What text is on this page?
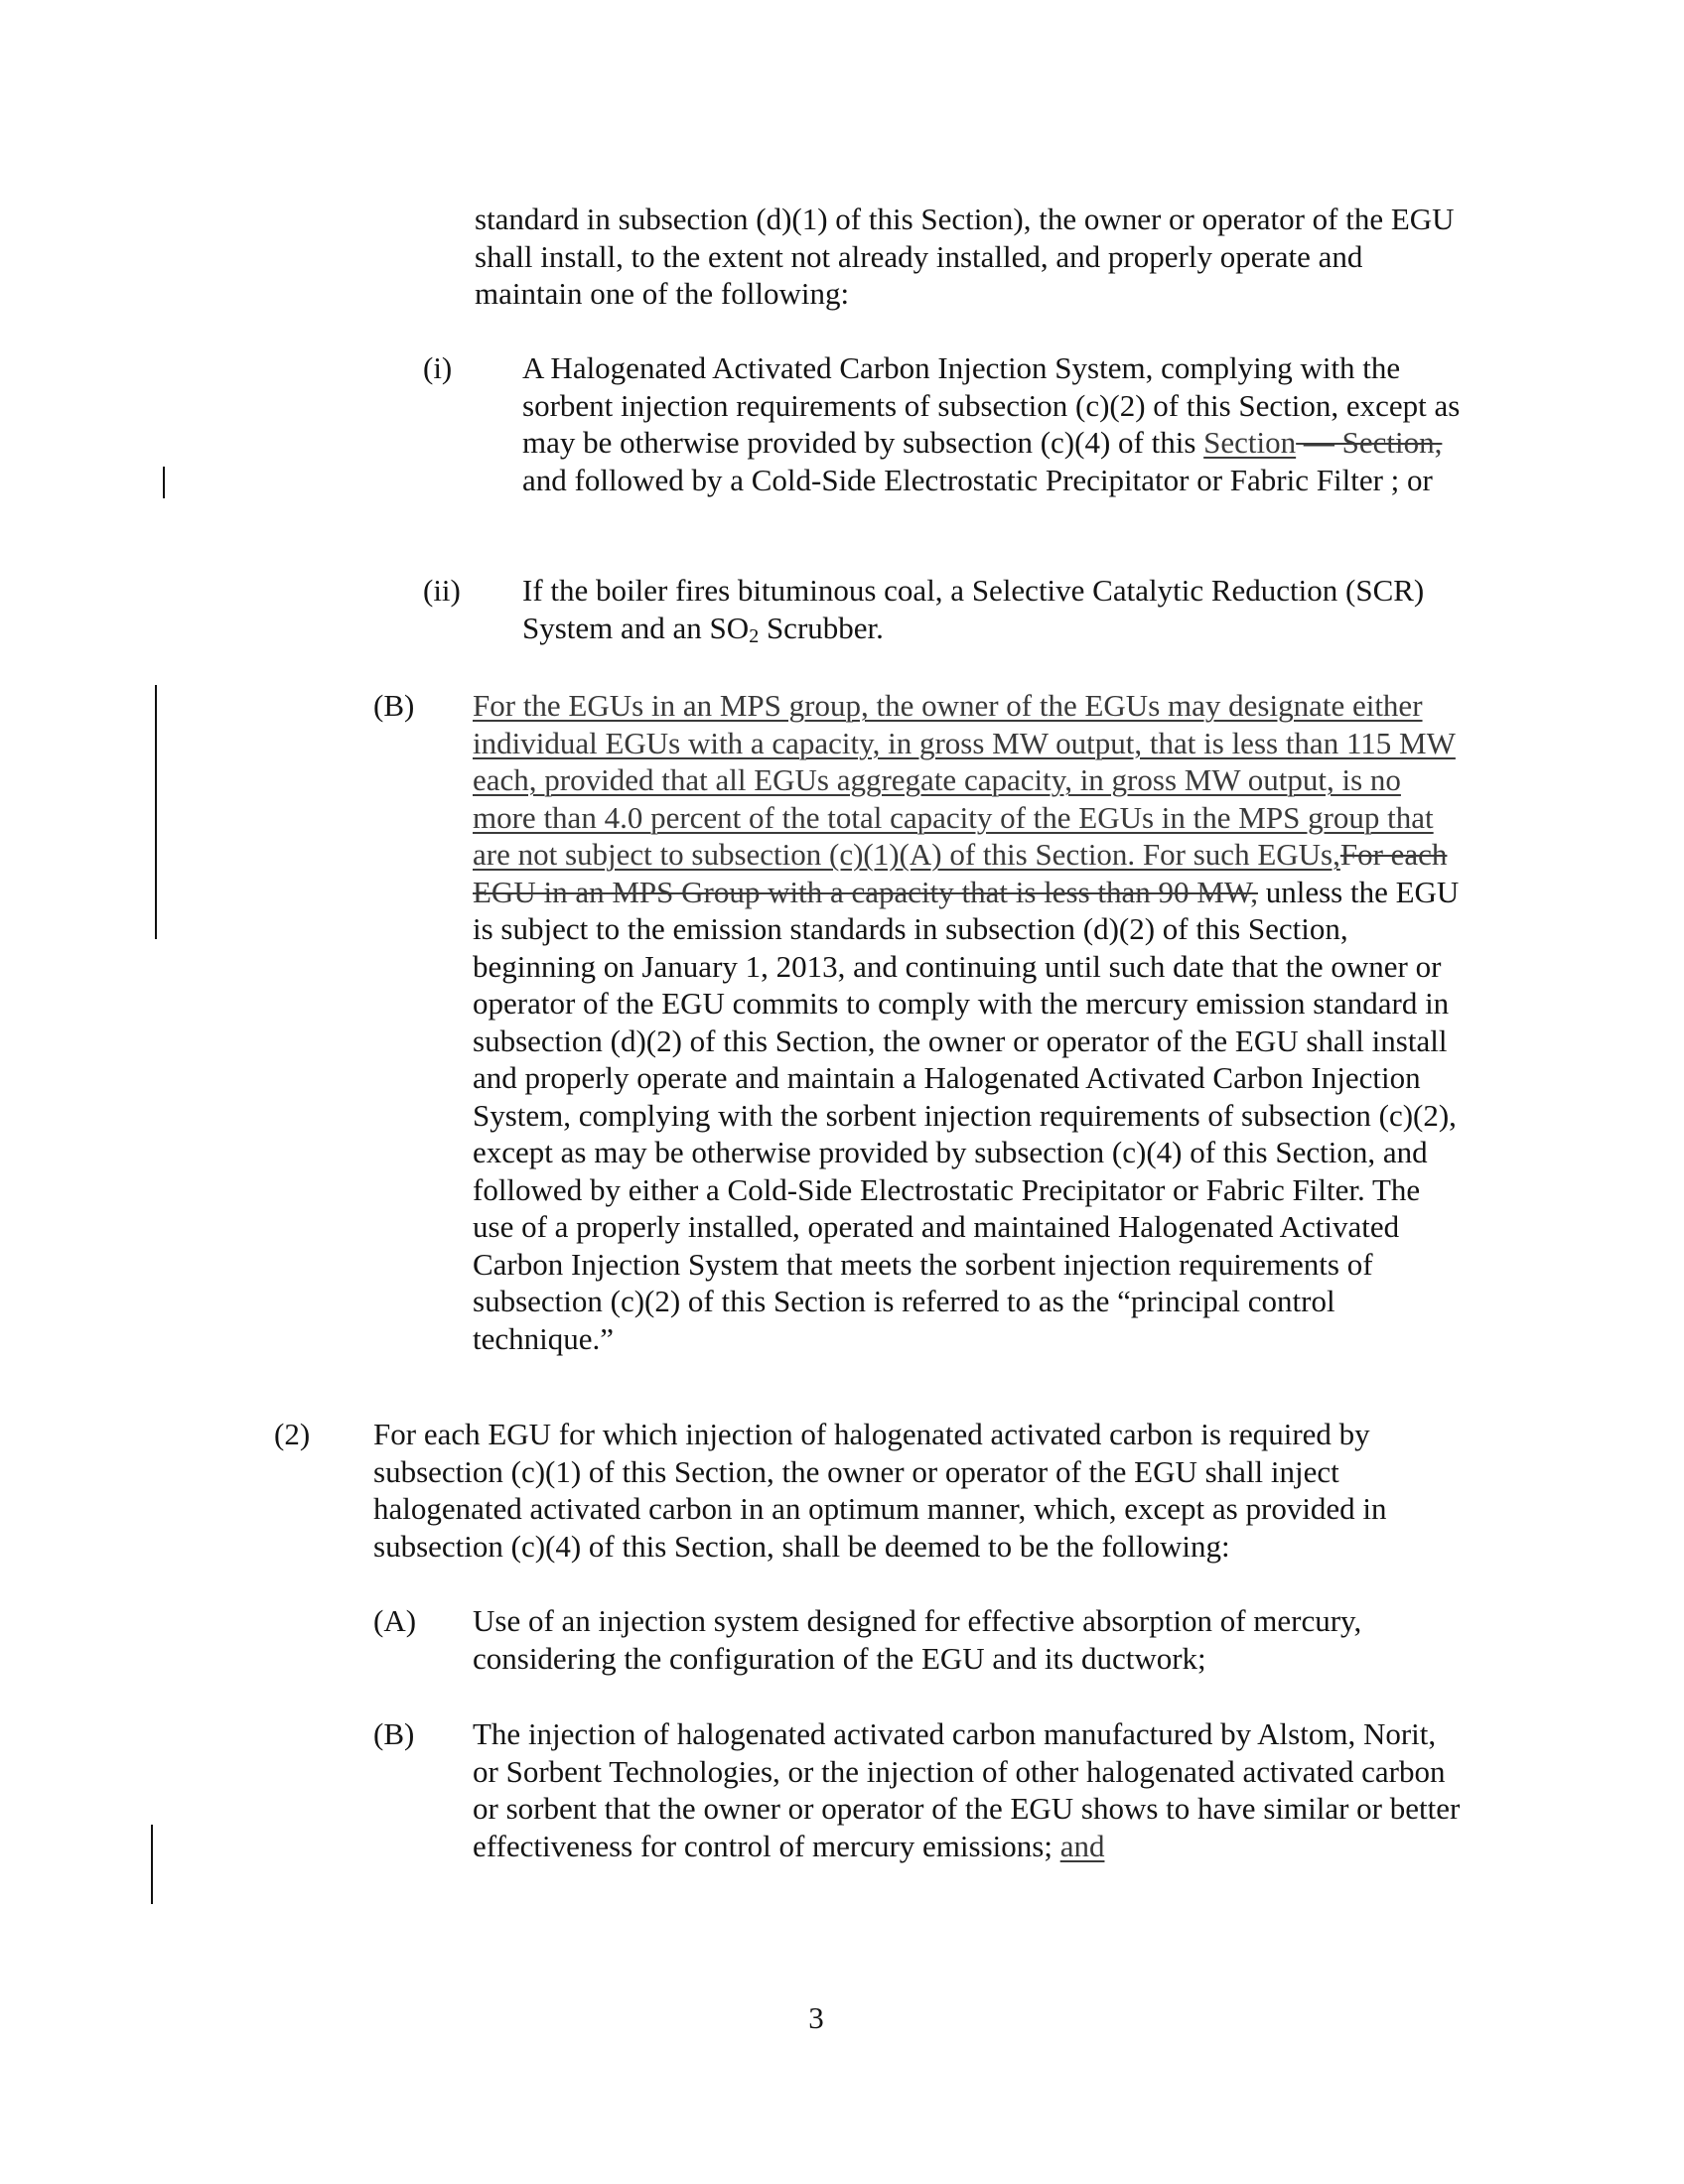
standard in subsection (d)(1) of this Section), the owner or operator of the EGU shall install, to the extent not already installed, and properly operate and maintain one of the following:

(i) A Halogenated Activated Carbon Injection System, complying with the sorbent injection requirements of subsection (c)(2) of this Section, except as may be otherwise provided by subsection (c)(4) of this Section — Section, and followed by a Cold-Side Electrostatic Precipitator or Fabric Filter ; or

(ii) If the boiler fires bituminous coal, a Selective Catalytic Reduction (SCR) System and an $SO_2$ Scrubber.

(B) For the EGUs in an MPS group, the owner of the EGUs may designate either individual EGUs with a capacity, in gross MW output, that is less than 115 MW each, provided that all EGUs aggregate capacity, in gross MW output, is no more than 4.0 percent of the total capacity of the EGUs in the MPS group that are not subject to subsection (c)(1)(A) of this Section. For such EGUs,For each EGU in an MPS Group with a capacity that is less than 90 MW, unless the EGU is subject to the emission standards in subsection (d)(2) of this Section, beginning on January 1, 2013, and continuing until such date that the owner or operator of the EGU commits to comply with the mercury emission standard in subsection (d)(2) of this Section, the owner or operator of the EGU shall install and properly operate and maintain a Halogenated Activated Carbon Injection System, complying with the sorbent injection requirements of subsection (c)(2), except as may be otherwise provided by subsection (c)(4) of this Section, and followed by either a Cold-Side Electrostatic Precipitator or Fabric Filter. The use of a properly installed, operated and maintained Halogenated Activated Carbon Injection System that meets the sorbent injection requirements of subsection (c)(2) of this Section is referred to as the “principal control technique.”

(2) For each EGU for which injection of halogenated activated carbon is required by subsection (c)(1) of this Section, the owner or operator of the EGU shall inject halogenated activated carbon in an optimum manner, which, except as provided in subsection (c)(4) of this Section, shall be deemed to be the following:

(A) Use of an injection system designed for effective absorption of mercury, considering the configuration of the EGU and its ductwork;

(B) The injection of halogenated activated carbon manufactured by Alstom, Norit, or Sorbent Technologies, or the injection of other halogenated activated carbon or sorbent that the owner or operator of the EGU shows to have similar or better effectiveness for control of mercury emissions; and

3
